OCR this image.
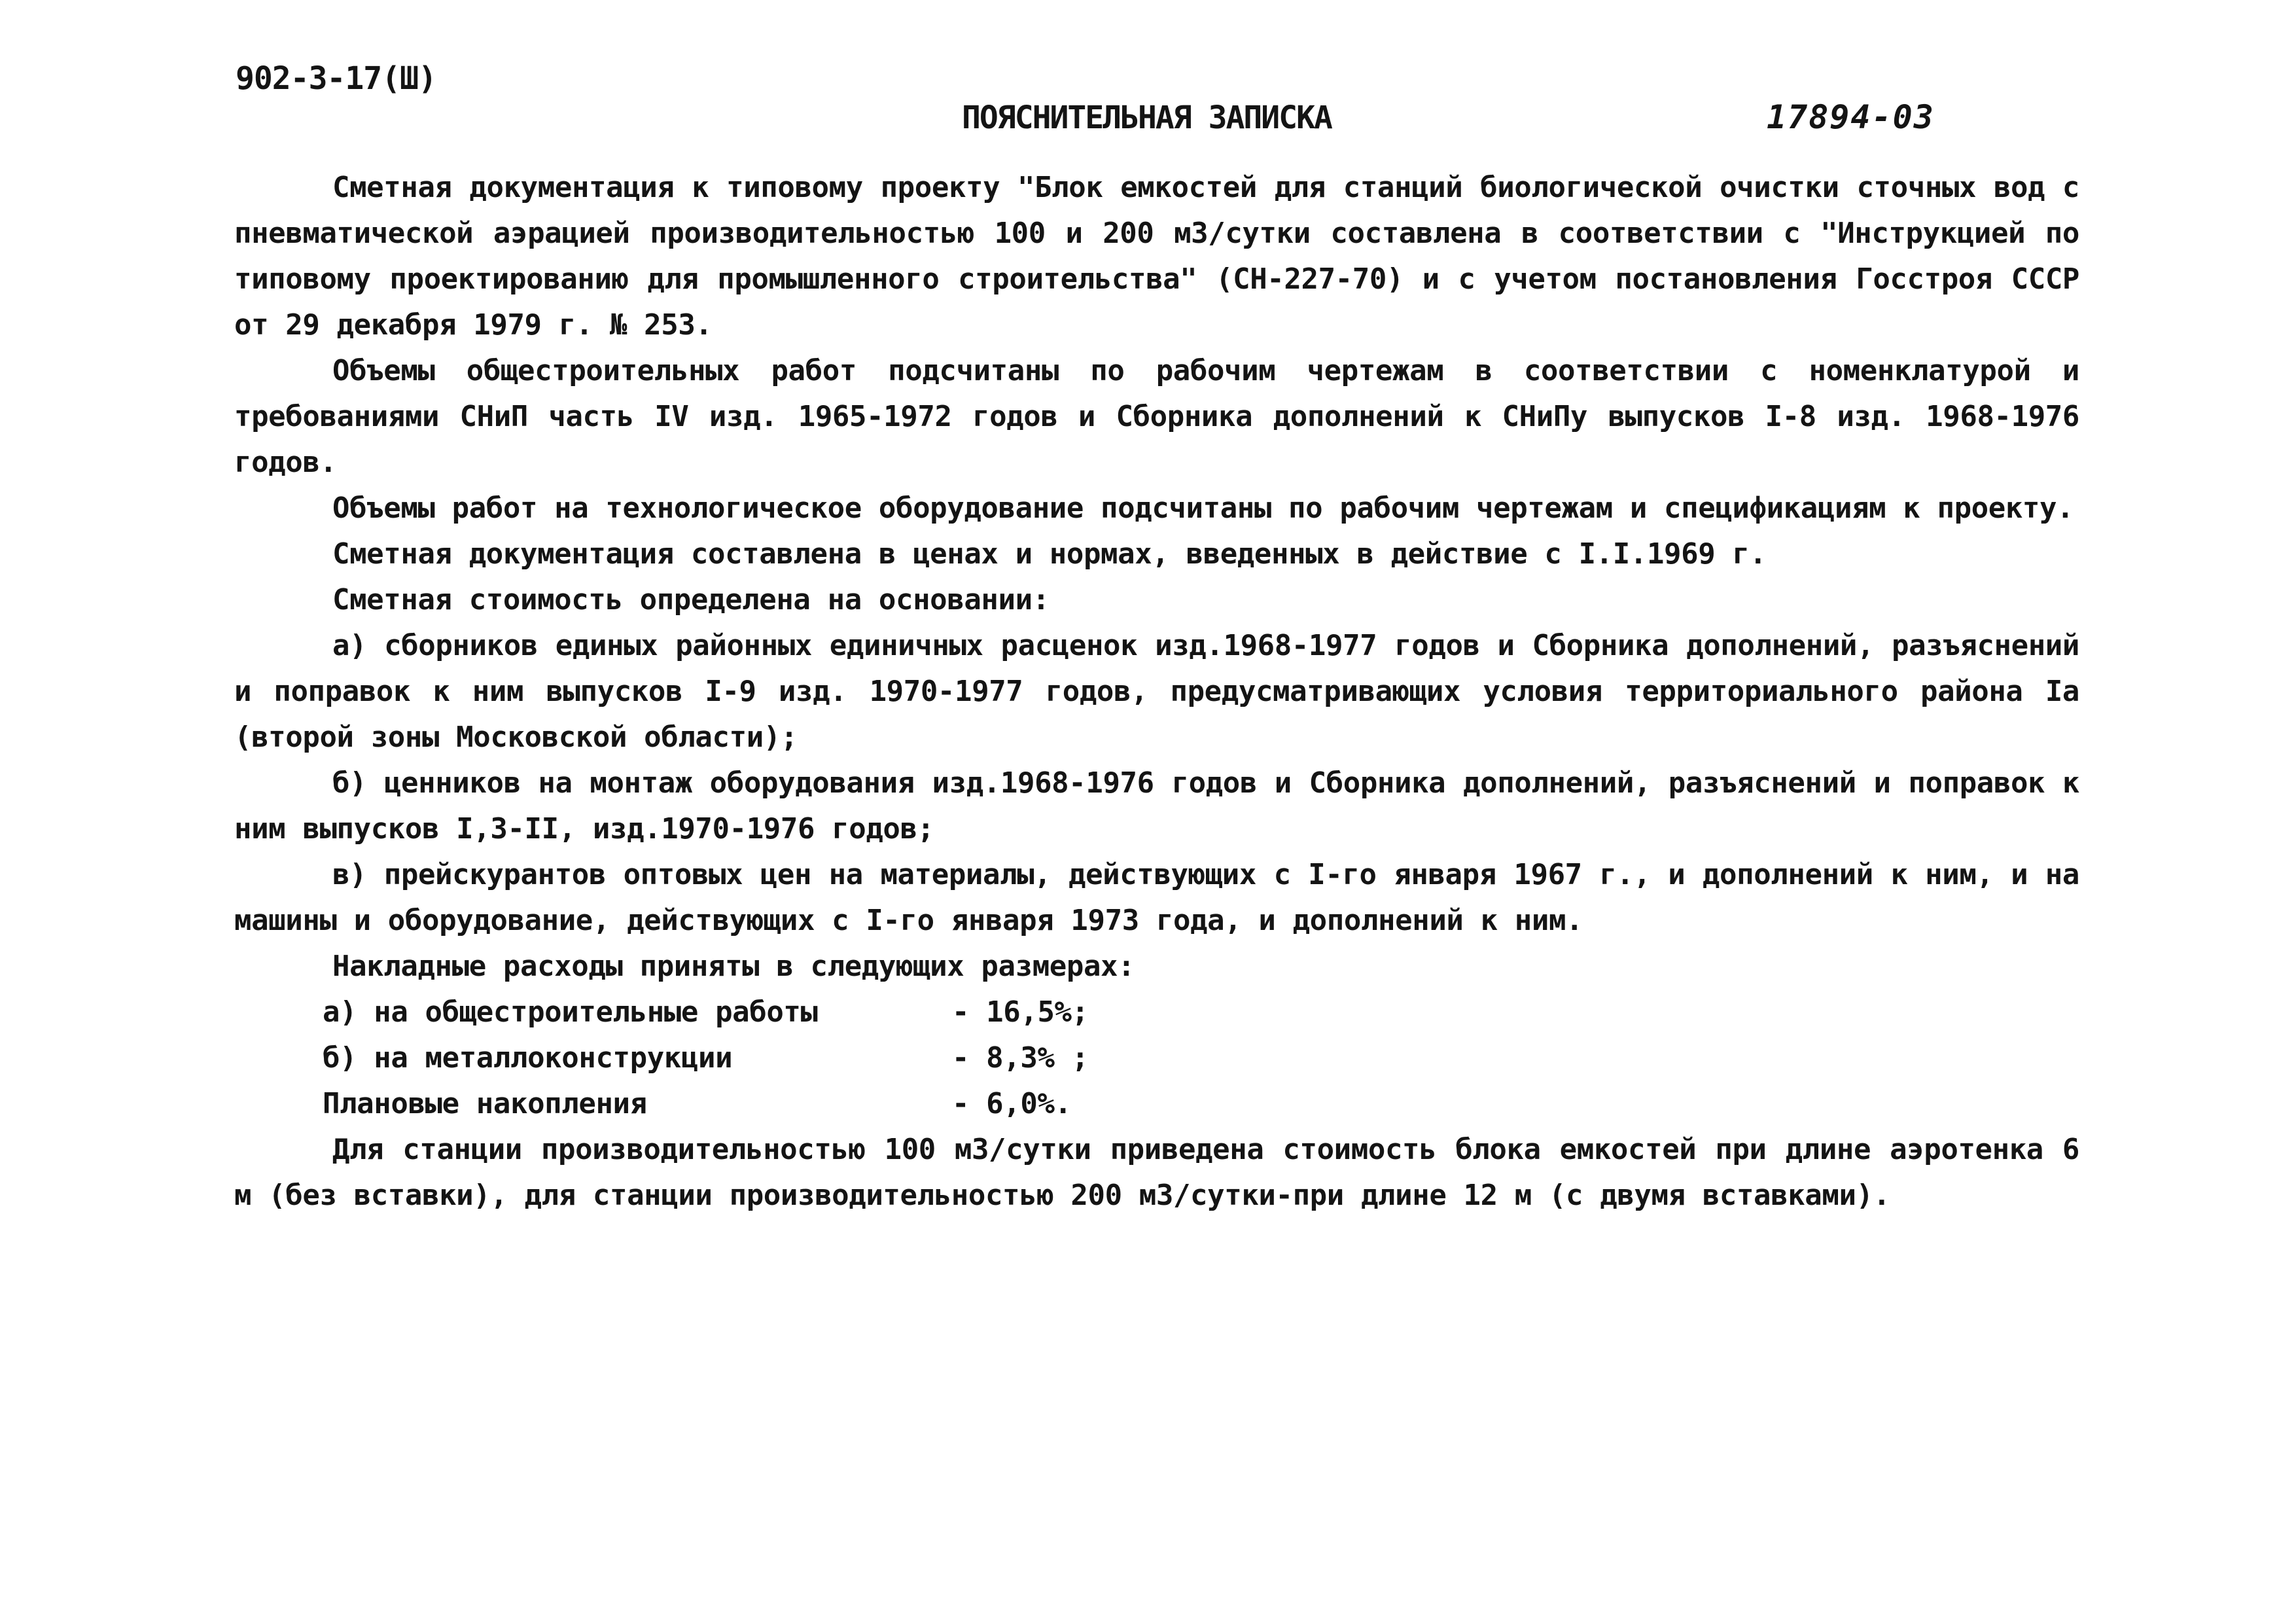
902-3-17(Ш)
ПОЯСНИТЕЛЬНАЯ ЗАПИСКА	17894-03

Сметная документация к типовому проекту "Блок емкостей для станций биологической очистки сточных вод с пневматической аэрацией производительностью 100 и 200 м3/сутки составлена в соответствии с "Инструкцией по типовому проектированию для промышленного строительства" (СН-227-70) и с учетом постановления Госстроя СССР от 29 декабря 1979 г. № 253.

Объемы общестроительных работ подсчитаны по рабочим чертежам в соответствии с номенклатурой и требованиями СНиП часть IV изд. 1965-1972 годов и Сборника дополнений к СНиПу выпусков I-8 изд. 1968-1976 годов.

Объемы работ на технологическое оборудование подсчитаны по рабочим чертежам и спецификациям к проекту.

Сметная документация составлена в ценах и нормах, введенных в действие с I.I.1969 г.

Сметная стоимость определена на основании:

а) сборников единых районных единичных расценок изд.1968-1977 годов и Сборника дополнений, разъяснений и поправок к ним выпусков I-9 изд. 1970-1977 годов, предусматривающих условия территориального района Iа (второй зоны Московской области);

б) ценников на монтаж оборудования изд.1968-1976 годов и Сборника дополнений, разъяснений и поправок к ним выпусков I,3-II, изд.1970-1976 годов;

в) прейскурантов оптовых цен на материалы, действующих с I-го января 1967 г., и дополнений к ним, и на машины и оборудование, действующих с I-го января 1973 года, и дополнений к ним.

Накладные расходы приняты в следующих размерах:

а) на общестроительные работы	- 16,5%;
б) на металлоконструкции	- 8,3% ;
Плановые накопления	- 6,0%.

Для станции производительностью 100 м3/сутки приведена стоимость блока емкостей при длине аэротенка 6 м (без вставки), для станции производительностью 200 м3/сутки-при длине 12 м (с двумя вставками).
